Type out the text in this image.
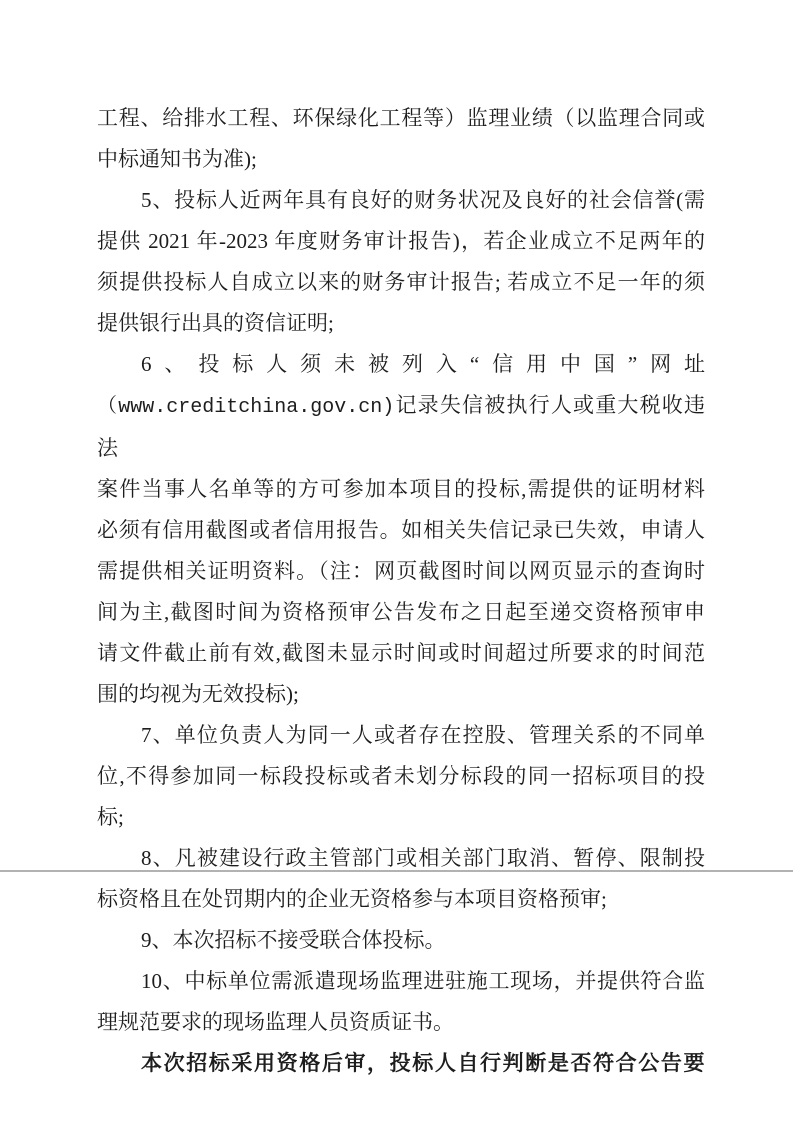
工程、给排水工程、环保绿化工程等）监理业绩（以监理合同或
中标通知书为准);
5、投标人近两年具有良好的财务状况及良好的社会信誉(需
提供 2021 年-2023 年度财务审计报告)，若企业成立不足两年的
须提供投标人自成立以来的财务审计报告; 若成立不足一年的须
提供银行出具的资信证明;
6、投标人须未被列入“信用中国”网址
（www.creditchina.gov.cn)记录失信被执行人或重大税收违法
案件当事人名单等的方可参加本项目的投标,需提供的证明材料
必须有信用截图或者信用报告。如相关失信记录已失效，申请人
需提供相关证明资料。（注：网页截图时间以网页显示的查询时
间为主,截图时间为资格预审公告发布之日起至递交资格预审申
请文件截止前有效,截图未显示时间或时间超过所要求的时间范
围的均视为无效投标);
7、单位负责人为同一人或者存在控股、管理关系的不同单
位,不得参加同一标段投标或者未划分标段的同一招标项目的投
标;
8、凡被建设行政主管部门或相关部门取消、暂停、限制投
标资格且在处罚期内的企业无资格参与本项目资格预审;
9、本次招标不接受联合体投标。
10、中标单位需派遣现场监理进驻施工现场，并提供符合监
理规范要求的现场监理人员资质证书。
本次招标采用资格后审，投标人自行判断是否符合公告要
